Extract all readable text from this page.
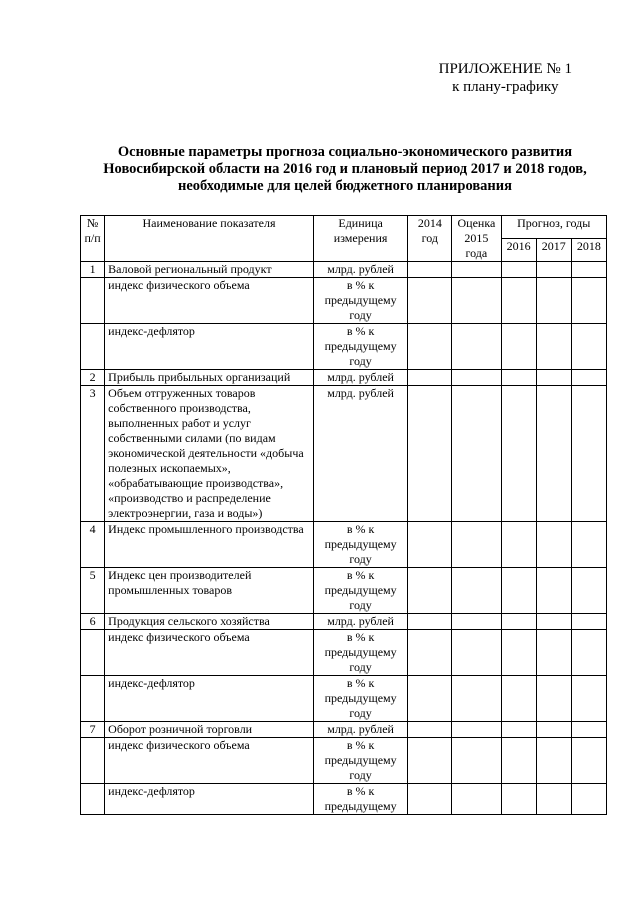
ПРИЛОЖЕНИЕ № 1
к плану-графику
Основные параметры прогноза социально-экономического развития
Новосибирской области на 2016 год и плановый период 2017 и 2018 годов,
необходимые для целей бюджетного планирования
№ п/п	Наименование показателя	Единица измерения	2014 год	Оценка 2015 года	Прогноз, годы		
					2016	2017	2018
1	Валовой региональный продукт	млрд. рублей					
	индекс физического объема	в % к предыдущему году					
	индекс-дефлятор	в % к предыдущему году					
2	Прибыль прибыльных организаций	млрд. рублей					
3	Объем отгруженных товаров собственного производства, выполненных работ и услуг собственными силами (по видам экономической деятельности «добыча полезных ископаемых», «обрабатывающие производства», «производство и распределение электроэнергии, газа и воды»)	млрд. рублей					
4	Индекс промышленного производства	в % к предыдущему году					
5	Индекс цен производителей промышленных товаров	в % к предыдущему году					
6	Продукция сельского хозяйства	млрд. рублей					
	индекс физического объема	в % к предыдущему году					
	индекс-дефлятор	в % к предыдущему году					
7	Оборот розничной торговли	млрд. рублей					
	индекс физического объема	в % к предыдущему году					
	индекс-дефлятор	в % к предыдущему					
